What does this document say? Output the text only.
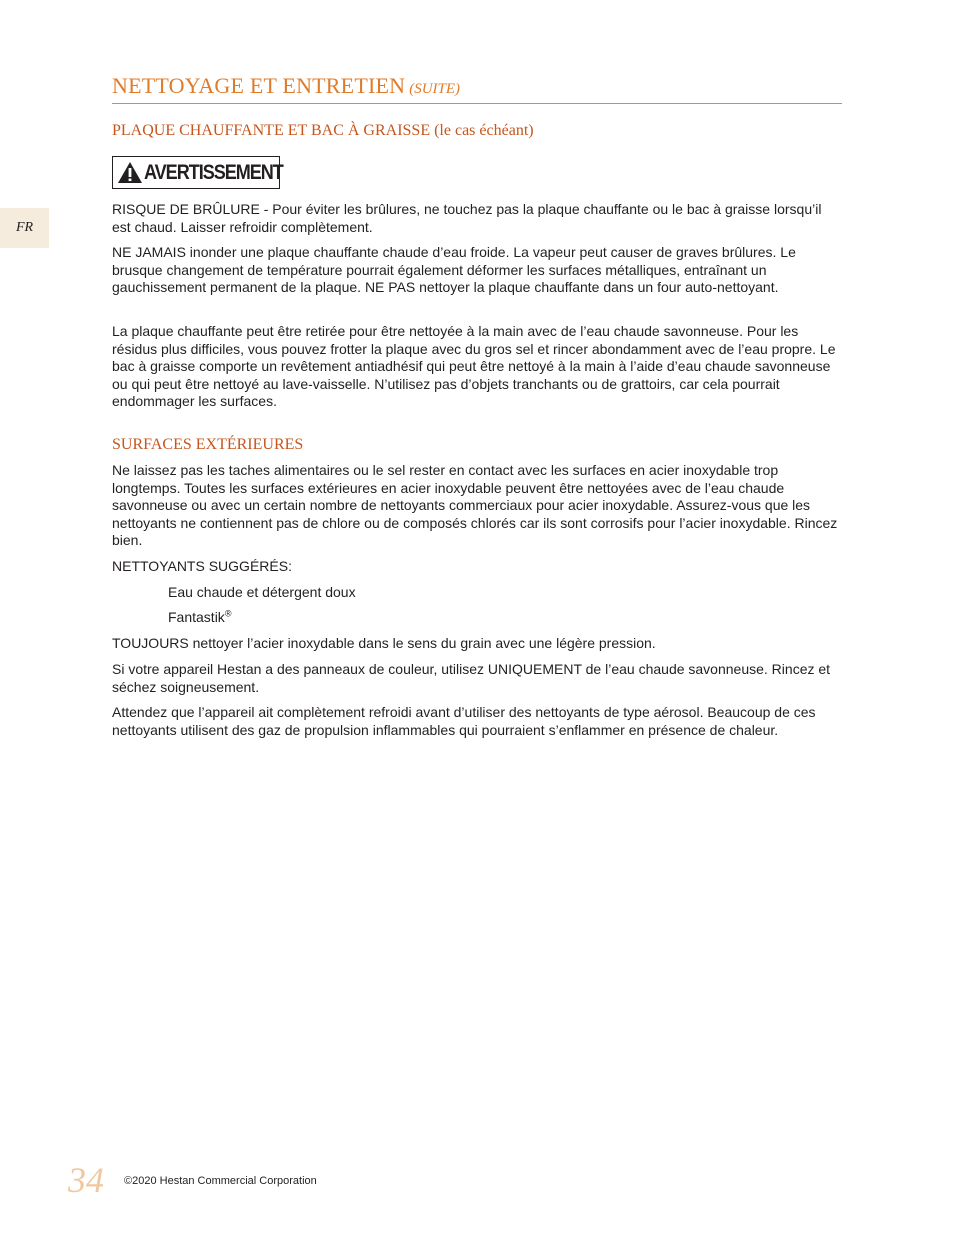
FR
NETTOYAGE ET ENTRETIEN (SUITE)
PLAQUE CHAUFFANTE ET BAC À GRAISSE (le cas échéant)
AVERTISSEMENT

RISQUE DE BRÛLURE - Pour éviter les brûlures, ne touchez pas la plaque chauffante ou le bac à graisse lorsqu’il est chaud. Laisser refroidir complètement.

NE JAMAIS inonder une plaque chauffante chaude d’eau froide. La vapeur peut causer de graves brûlures. Le brusque changement de température pourrait également déformer les surfaces métalliques, entraînant un gauchissement permanent de la plaque. NE PAS nettoyer la plaque chauffante dans un four auto-nettoyant.

La plaque chauffante peut être retirée pour être nettoyée à la main avec de l’eau chaude savonneuse. Pour les résidus plus difficiles, vous pouvez frotter la plaque avec du gros sel et rincer abondamment avec de l’eau propre. Le bac à graisse comporte un revêtement antiadhésif qui peut être nettoyé à la main à l’aide d’eau chaude savonneuse ou qui peut être nettoyé au lave-vaisselle. N’utilisez pas d’objets tranchants ou de grattoirs, car cela pourrait endommager les surfaces.

SURFACES EXTÉRIEURES

Ne laissez pas les taches alimentaires ou le sel rester en contact avec les surfaces en acier inoxydable trop longtemps. Toutes les surfaces extérieures en acier inoxydable peuvent être nettoyées avec de l’eau chaude savonneuse ou avec un certain nombre de nettoyants commerciaux pour acier inoxydable. Assurez-vous que les nettoyants ne contiennent pas de chlore ou de composés chlorés car ils sont corrosifs pour l’acier inoxydable. Rincez bien.

NETTOYANTS SUGGÉRÉS:

Eau chaude et détergent doux

Fantastik®

TOUJOURS nettoyer l’acier inoxydable dans le sens du grain avec une légère pression.

Si votre appareil Hestan a des panneaux de couleur, utilisez UNIQUEMENT de l’eau chaude savonneuse. Rincez et séchez soigneusement.

Attendez que l’appareil ait complètement refroidi avant d’utiliser des nettoyants de type aérosol. Beaucoup de ces nettoyants utilisent des gaz de propulsion inflammables qui pourraient s’enflammer en présence de chaleur.

34 ©2020 Hestan Commercial Corporation
